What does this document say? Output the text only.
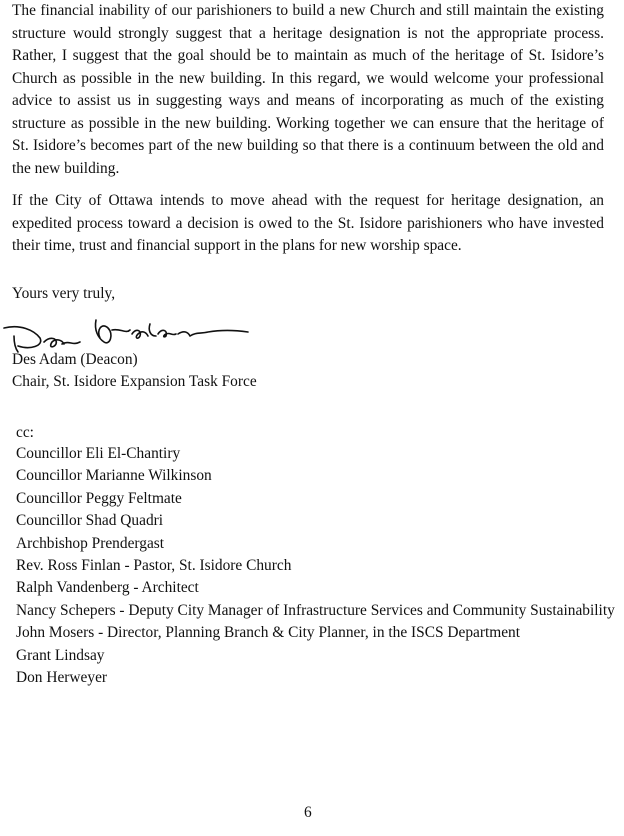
The financial inability of our parishioners to build a new Church and still maintain the existing structure would strongly suggest that a heritage designation is not the appropriate process. Rather, I suggest that the goal should be to maintain as much of the heritage of St. Isidore’s Church as possible in the new building. In this regard, we would welcome your professional advice to assist us in suggesting ways and means of incorporating as much of the existing structure as possible in the new building. Working together we can ensure that the heritage of St. Isidore’s becomes part of the new building so that there is a continuum between the old and the new building.

If the City of Ottawa intends to move ahead with the request for heritage designation, an expedited process toward a decision is owed to the St. Isidore parishioners who have invested their time, trust and financial support in the plans for new worship space.

Yours very truly,
Des Adam (Deacon)
Chair, St. Isidore Expansion Task Force
cc:
Councillor Eli El-Chantiry
Councillor Marianne Wilkinson
Councillor Peggy Feltmate
Councillor Shad Quadri
Archbishop Prendergast
Rev. Ross Finlan - Pastor, St. Isidore Church
Ralph Vandenberg - Architect
Nancy Schepers - Deputy City Manager of Infrastructure Services and Community Sustainability
John Mosers - Director, Planning Branch & City Planner, in the ISCS Department
Grant Lindsay
Don Herweyer
6
